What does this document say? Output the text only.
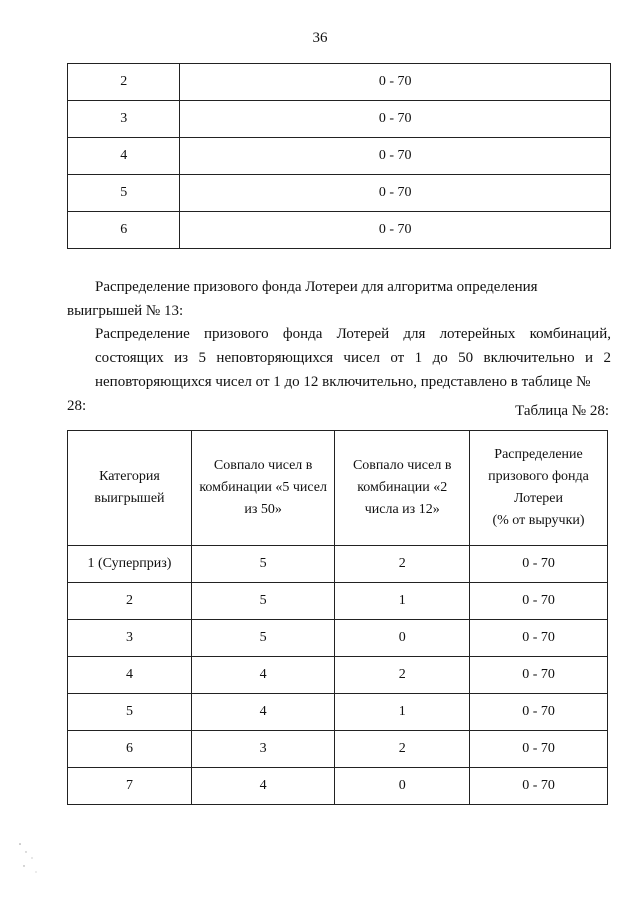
36
2	0 - 70
3	0 - 70
4	0 - 70
5	0 - 70
6	0 - 70

Распределение призового фонда Лотереи для алгоритма определения выигрышей № 13:

Распределение призового фонда Лотерей для лотерейных комбинаций,
состоящих из 5 неповторяющихся чисел от 1 до 50 включительно и 2
неповторяющихся чисел от 1 до 12 включительно, представлено в таблице № 28:	Таблица № 28:
Категория
выигрышей	Совпало чисел в
комбинации «5 чисел
из 50»	Совпало чисел в
комбинации «2
числа из 12»	Распределение
призового фонда
Лотереи
(% от выручки)
1 (Суперприз)	5	2	0 - 70
2	5	1	0 - 70
3	5	0	0 - 70
4	4	2	0 - 70
5	4	1	0 - 70
6	3	2	0 - 70
7	4	0	0 - 70
